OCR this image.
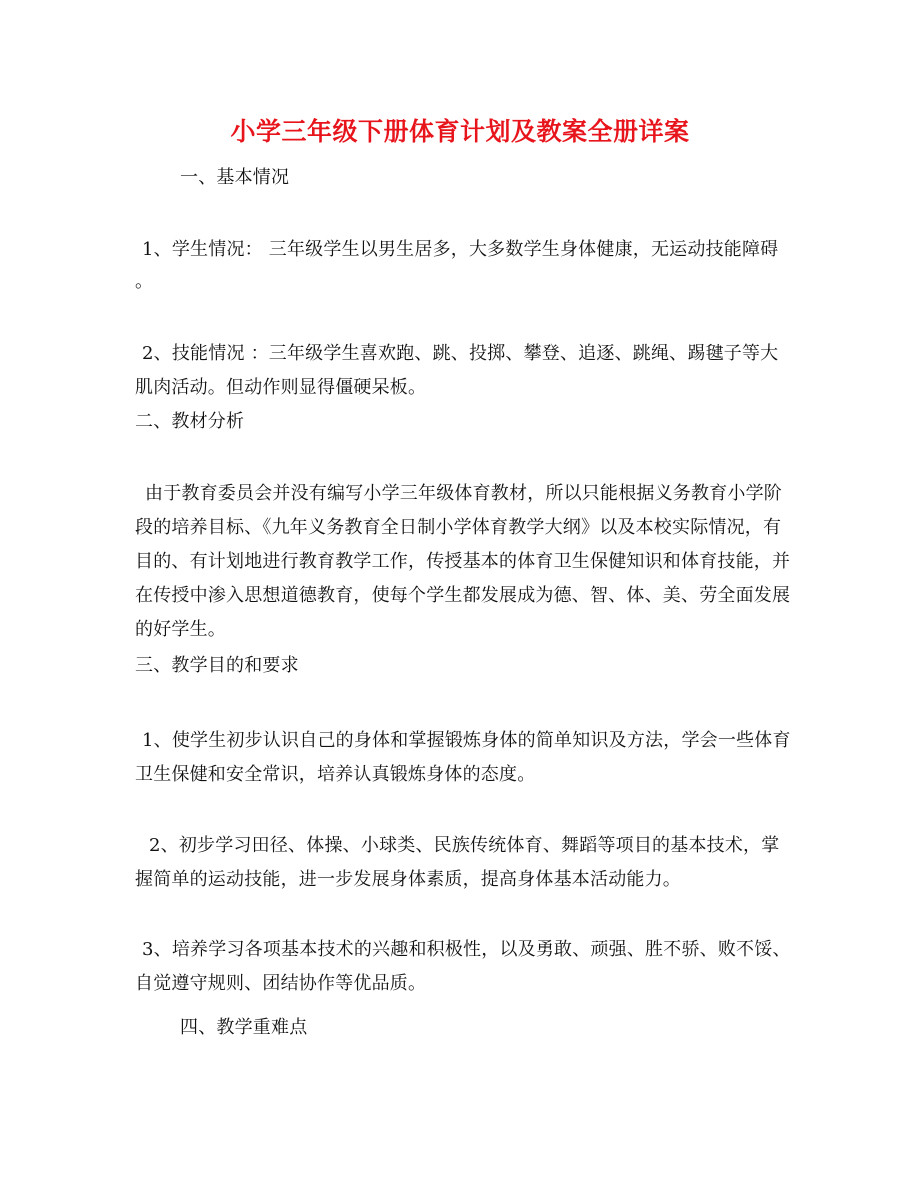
小学三年级下册体育计划及教案全册详案
一、基本情况
1、学生情况： 三年级学生以男生居多，大多数学生身体健康，无运动技能障碍
。
2、技能情况 ：三年级学生喜欢跑、跳、投掷、攀登、追逐、跳绳、踢毽子等大
肌肉活动。但动作则显得僵硬呆板。
二、教材分析
由于教育委员会并没有编写小学三年级体育教材，所以只能根据义务教育小学阶
段的培养目标、《九年义务教育全日制小学体育教学大纲》以及本校实际情况，有
目的、有计划地进行教育教学工作，传授基本的体育卫生保健知识和体育技能，并
在传授中渗入思想道德教育，使每个学生都发展成为德、智、体、美、劳全面发展
的好学生。
三、教学目的和要求
1、使学生初步认识自己的身体和掌握锻炼身体的简单知识及方法，学会一些体育
卫生保健和安全常识，培养认真锻炼身体的态度。
2、初步学习田径、体操、小球类、民族传统体育、舞蹈等项目的基本技术，掌
握简单的运动技能，进一步发展身体素质，提高身体基本活动能力。
3、培养学习各项基本技术的兴趣和积极性，以及勇敢、顽强、胜不骄、败不馁、
自觉遵守规则、团结协作等优品质。
四、教学重难点
